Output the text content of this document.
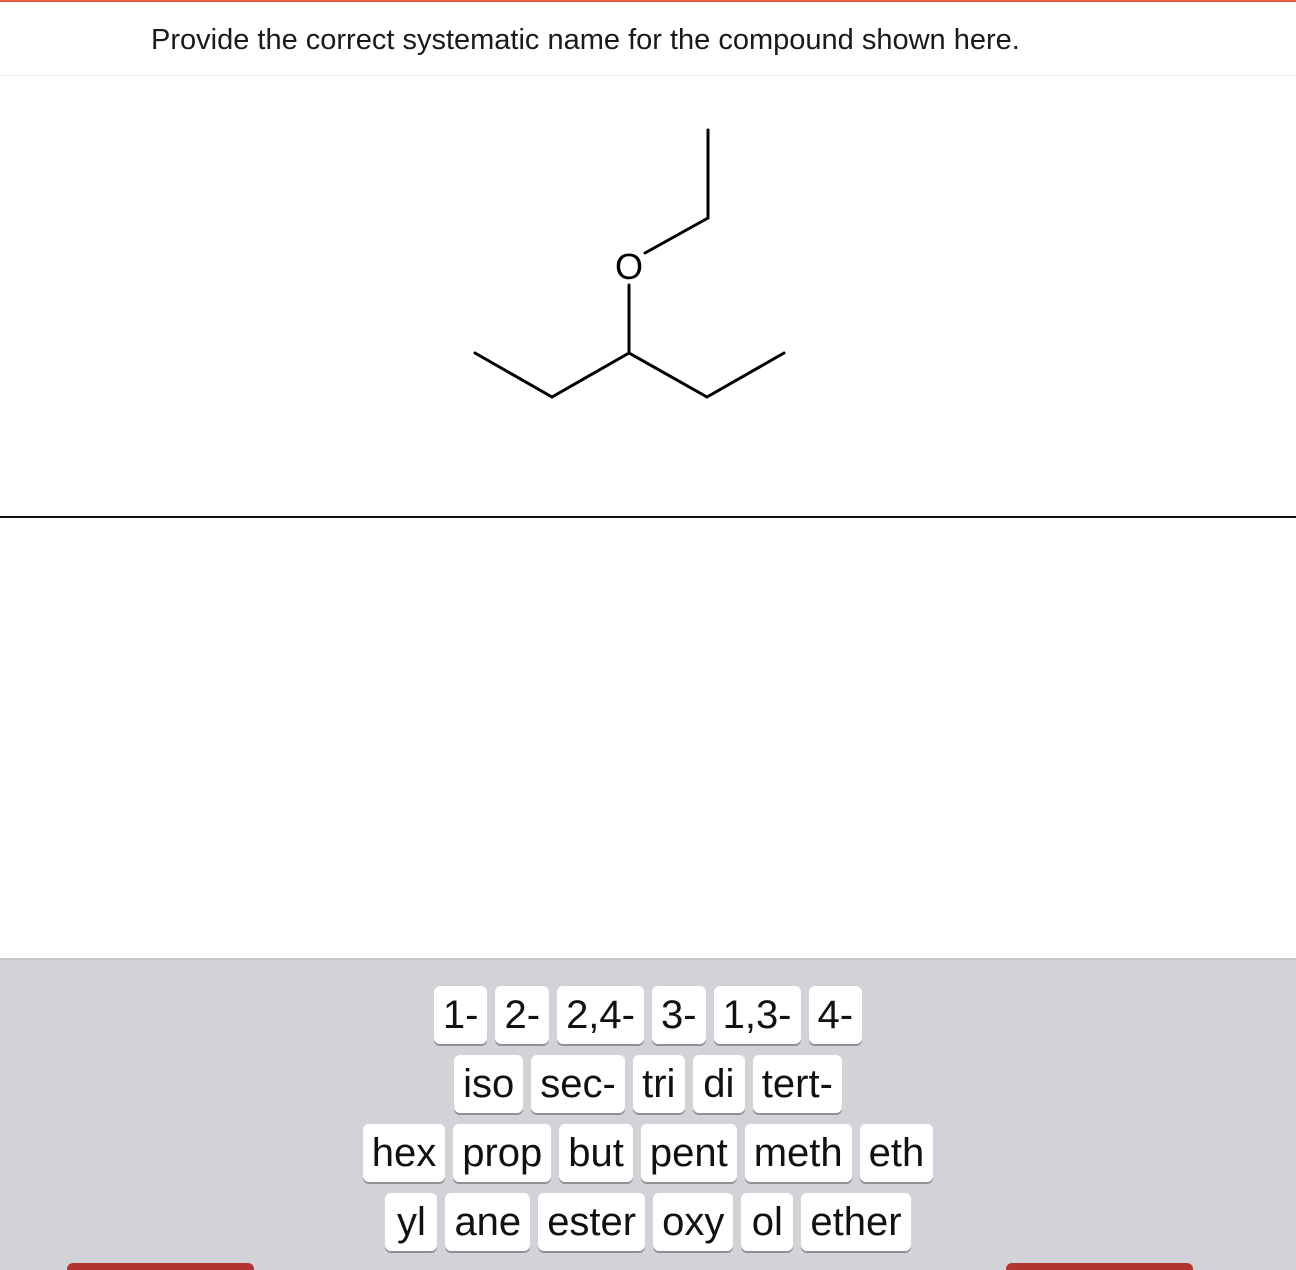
Provide the correct systematic name for the compound shown here.
O
1- 2- 2,4- 3- 1,3- 4-
iso sec- tri di tert-
hex prop but pent meth eth
yl ane ester oxy ol ether
